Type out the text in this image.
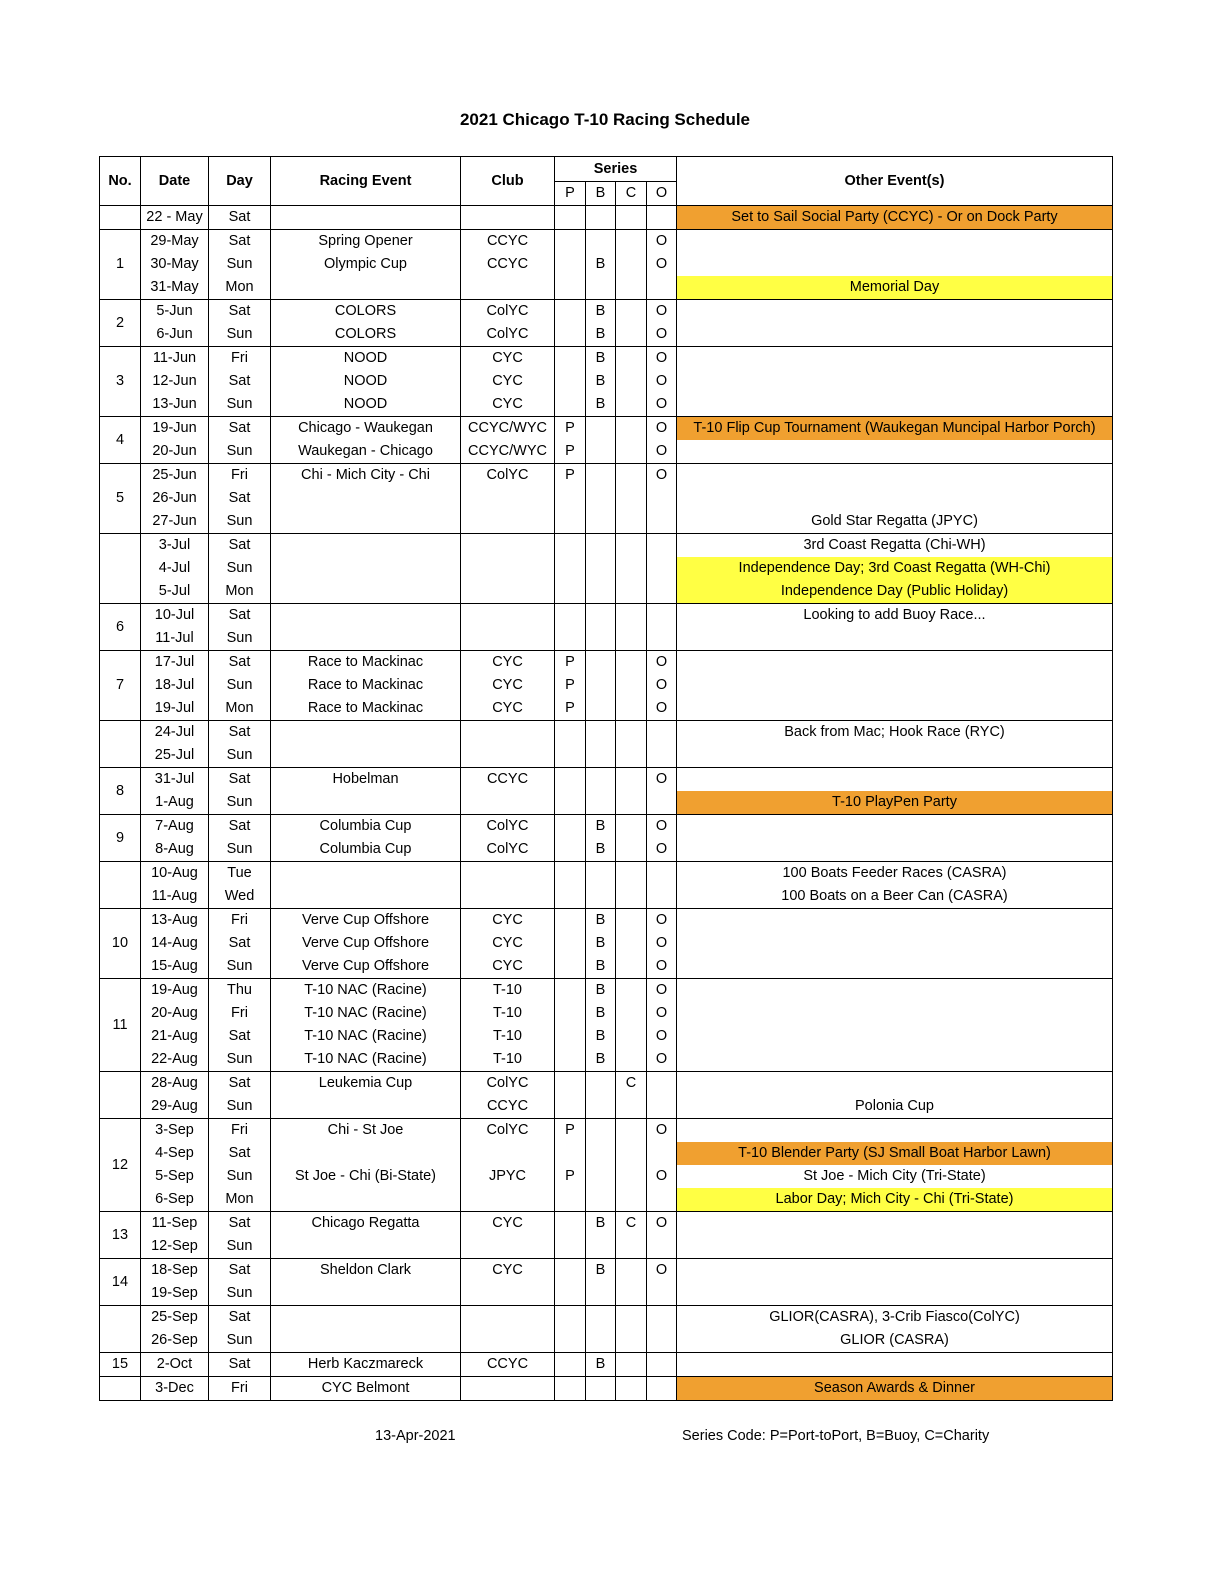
2021 Chicago T-10 Racing Schedule
No.	Date	Day	Racing Event	Club	Series				Other Event(s)
					P	B	C	O	
	22 - May	Sat							Set to Sail Social Party (CCYC) - Or on Dock Party
1	29-May	Sat	Spring Opener	CCYC				O	
	30-May	Sun	Olympic Cup	CCYC		B		O	
	31-May	Mon							Memorial Day
2	5-Jun	Sat	COLORS	ColYC		B		O	
	6-Jun	Sun	COLORS	ColYC		B		O	
3	11-Jun	Fri	NOOD	CYC		B		O	
	12-Jun	Sat	NOOD	CYC		B		O	
	13-Jun	Sun	NOOD	CYC		B		O	
4	19-Jun	Sat	Chicago - Waukegan	CCYC/WYC	P			O	T-10 Flip Cup Tournament (Waukegan Muncipal Harbor Porch)
	20-Jun	Sun	Waukegan - Chicago	CCYC/WYC	P			O	
5	25-Jun	Fri	Chi - Mich City - Chi	ColYC	P			O	
	26-Jun	Sat							
	27-Jun	Sun							Gold Star Regatta (JPYC)
	3-Jul	Sat							3rd Coast Regatta (Chi-WH)
	4-Jul	Sun							Independence Day; 3rd Coast Regatta (WH-Chi)
	5-Jul	Mon							Independence Day (Public Holiday)
6	10-Jul	Sat							Looking to add Buoy Race...
	11-Jul	Sun							
7	17-Jul	Sat	Race to Mackinac	CYC	P			O	
	18-Jul	Sun	Race to Mackinac	CYC	P			O	
	19-Jul	Mon	Race to Mackinac	CYC	P			O	
	24-Jul	Sat							Back from Mac; Hook Race (RYC)
	25-Jul	Sun							
8	31-Jul	Sat	Hobelman	CCYC				O	
	1-Aug	Sun							T-10 PlayPen Party
9	7-Aug	Sat	Columbia Cup	ColYC		B		O	
	8-Aug	Sun	Columbia Cup	ColYC		B		O	
	10-Aug	Tue							100 Boats Feeder Races (CASRA)
	11-Aug	Wed							100 Boats on a Beer Can (CASRA)
10	13-Aug	Fri	Verve Cup Offshore	CYC		B		O	
	14-Aug	Sat	Verve Cup Offshore	CYC		B		O	
	15-Aug	Sun	Verve Cup Offshore	CYC		B		O	
11	19-Aug	Thu	T-10 NAC (Racine)	T-10		B		O	
	20-Aug	Fri	T-10 NAC (Racine)	T-10		B		O	
	21-Aug	Sat	T-10 NAC (Racine)	T-10		B		O	
	22-Aug	Sun	T-10 NAC (Racine)	T-10		B		O	
	28-Aug	Sat	Leukemia Cup	ColYC			C		
	29-Aug	Sun		CCYC					Polonia Cup
12	3-Sep	Fri	Chi - St Joe	ColYC	P			O	
	4-Sep	Sat							T-10 Blender Party (SJ Small Boat Harbor Lawn)
	5-Sep	Sun	St Joe - Chi (Bi-State)	JPYC	P			O	St Joe - Mich City (Tri-State)
	6-Sep	Mon							Labor Day; Mich City - Chi (Tri-State)
13	11-Sep	Sat	Chicago Regatta	CYC		B	C	O	
	12-Sep	Sun							
14	18-Sep	Sat	Sheldon Clark	CYC		B		O	
	19-Sep	Sun							
	25-Sep	Sat							GLIOR(CASRA), 3-Crib Fiasco(ColYC)
	26-Sep	Sun							GLIOR (CASRA)
15	2-Oct	Sat	Herb Kaczmareck	CCYC		B			
	3-Dec	Fri	CYC Belmont						Season Awards & Dinner
13-Apr-2021	Series Code: P=Port-toPort, B=Buoy, C=Charity
